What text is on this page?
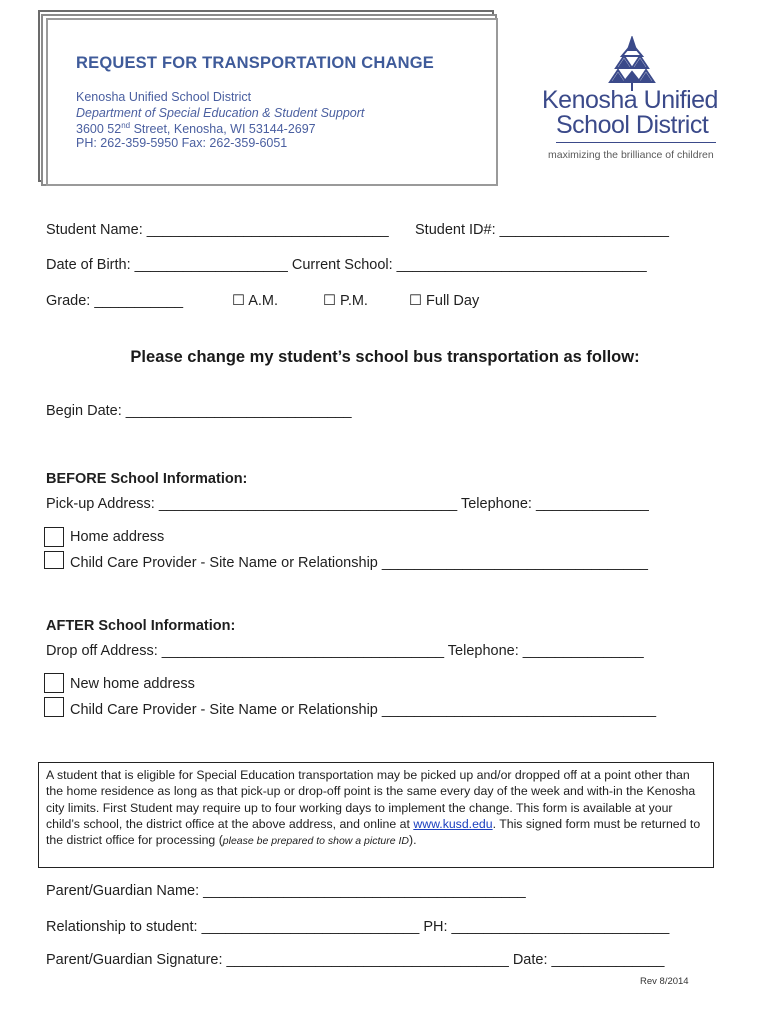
REQUEST FOR TRANSPORTATION CHANGE
Kenosha Unified School District
Department of Special Education & Student Support
3600 52nd Street, Kenosha, WI 53144-2697
PH: 262-359-5950 Fax: 262-359-6051
Kenosha Unified
School District
maximizing the brilliance of children
Student Name: ______________________________ Student ID#: _____________________
Date of Birth: ___________________ Current School: _______________________________
Grade: ___________	☐ A.M.	☐ P.M.	☐ Full Day
Please change my student’s school bus transportation as follow:
Begin Date: ____________________________
BEFORE School Information:
Pick-up Address: _____________________________________ Telephone: ______________
Home address
Child Care Provider - Site Name or Relationship _________________________________
AFTER School Information:
Drop off Address: ___________________________________ Telephone: _______________
New home address
Child Care Provider - Site Name or Relationship __________________________________
A student that is eligible for Special Education transportation may be picked up and/or dropped off at a point other than the home residence as long as that pick-up or drop-off point is the same every day of the week and with-in the Kenosha city limits. First Student may require up to four working days to implement the change. This form is available at your child’s school, the district office at the above address, and online at www.kusd.edu. This signed form must be returned to the district office for processing (please be prepared to show a picture ID).
Parent/Guardian Name: ________________________________________
Relationship to student: ___________________________ PH: ___________________________
Parent/Guardian Signature: ___________________________________ Date: ______________
Rev 8/2014
